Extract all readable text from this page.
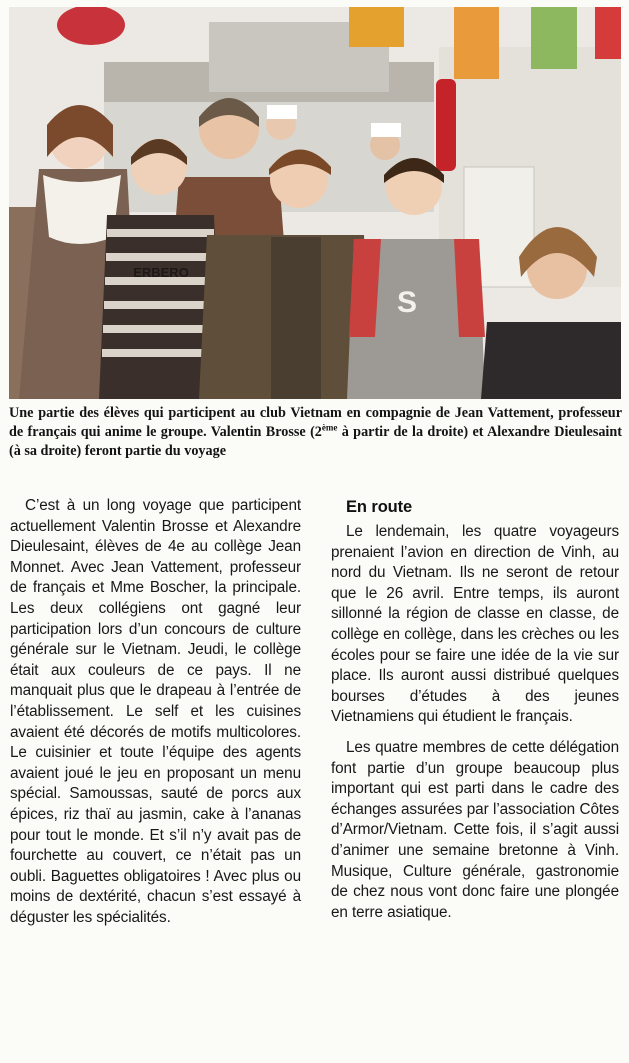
ERBERO
S
Une partie des élèves qui participent au club Vietnam en compagnie de Jean Vattement, professeur de français qui anime le groupe. Valentin Brosse (2ème à partir de la droite) et Alexandre Dieulesaint (à sa droite) feront partie du voyage

C’est à un long voyage que participent actuellement Valentin Brosse et Alexandre Dieulesaint, élèves de 4e au collège Jean Monnet. Avec Jean Vattement, professeur de français et Mme Boscher, la principale. Les deux collégiens ont gagné leur participation lors d’un concours de culture générale sur le Vietnam. Jeudi, le collège était aux couleurs de ce pays. Il ne manquait plus que le drapeau à l’entrée de l’établissement. Le self et les cuisines avaient été décorés de motifs multicolores. Le cuisinier et toute l’équipe des agents avaient joué le jeu en proposant un menu spécial. Samoussas, sauté de porcs aux épices, riz thaï au jasmin, cake à l’ananas pour tout le monde. Et s’il n’y avait pas de fourchette au couvert, ce n’était pas un oubli. Baguettes obligatoires ! Avec plus ou moins de dextérité, chacun s’est essayé à déguster les spécialités.

En route

Le lendemain, les quatre voyageurs prenaient l’avion en direction de Vinh, au nord du Vietnam. Ils ne seront de retour que le 26 avril. Entre temps, ils auront sillonné la région de classe en classe, de collège en collège, dans les crèches ou les écoles pour se faire une idée de la vie sur place. Ils auront aussi distribué quelques bourses d’études à des jeunes Vietnamiens qui étudient le français.

Les quatre membres de cette délégation font partie d’un groupe beaucoup plus important qui est parti dans le cadre des échanges assurées par l’association Côtes d’Armor/Vietnam. Cette fois, il s’agit aussi d’animer une semaine bretonne à Vinh. Musique, Culture générale, gastronomie de chez nous vont donc faire une plongée en terre asiatique.
